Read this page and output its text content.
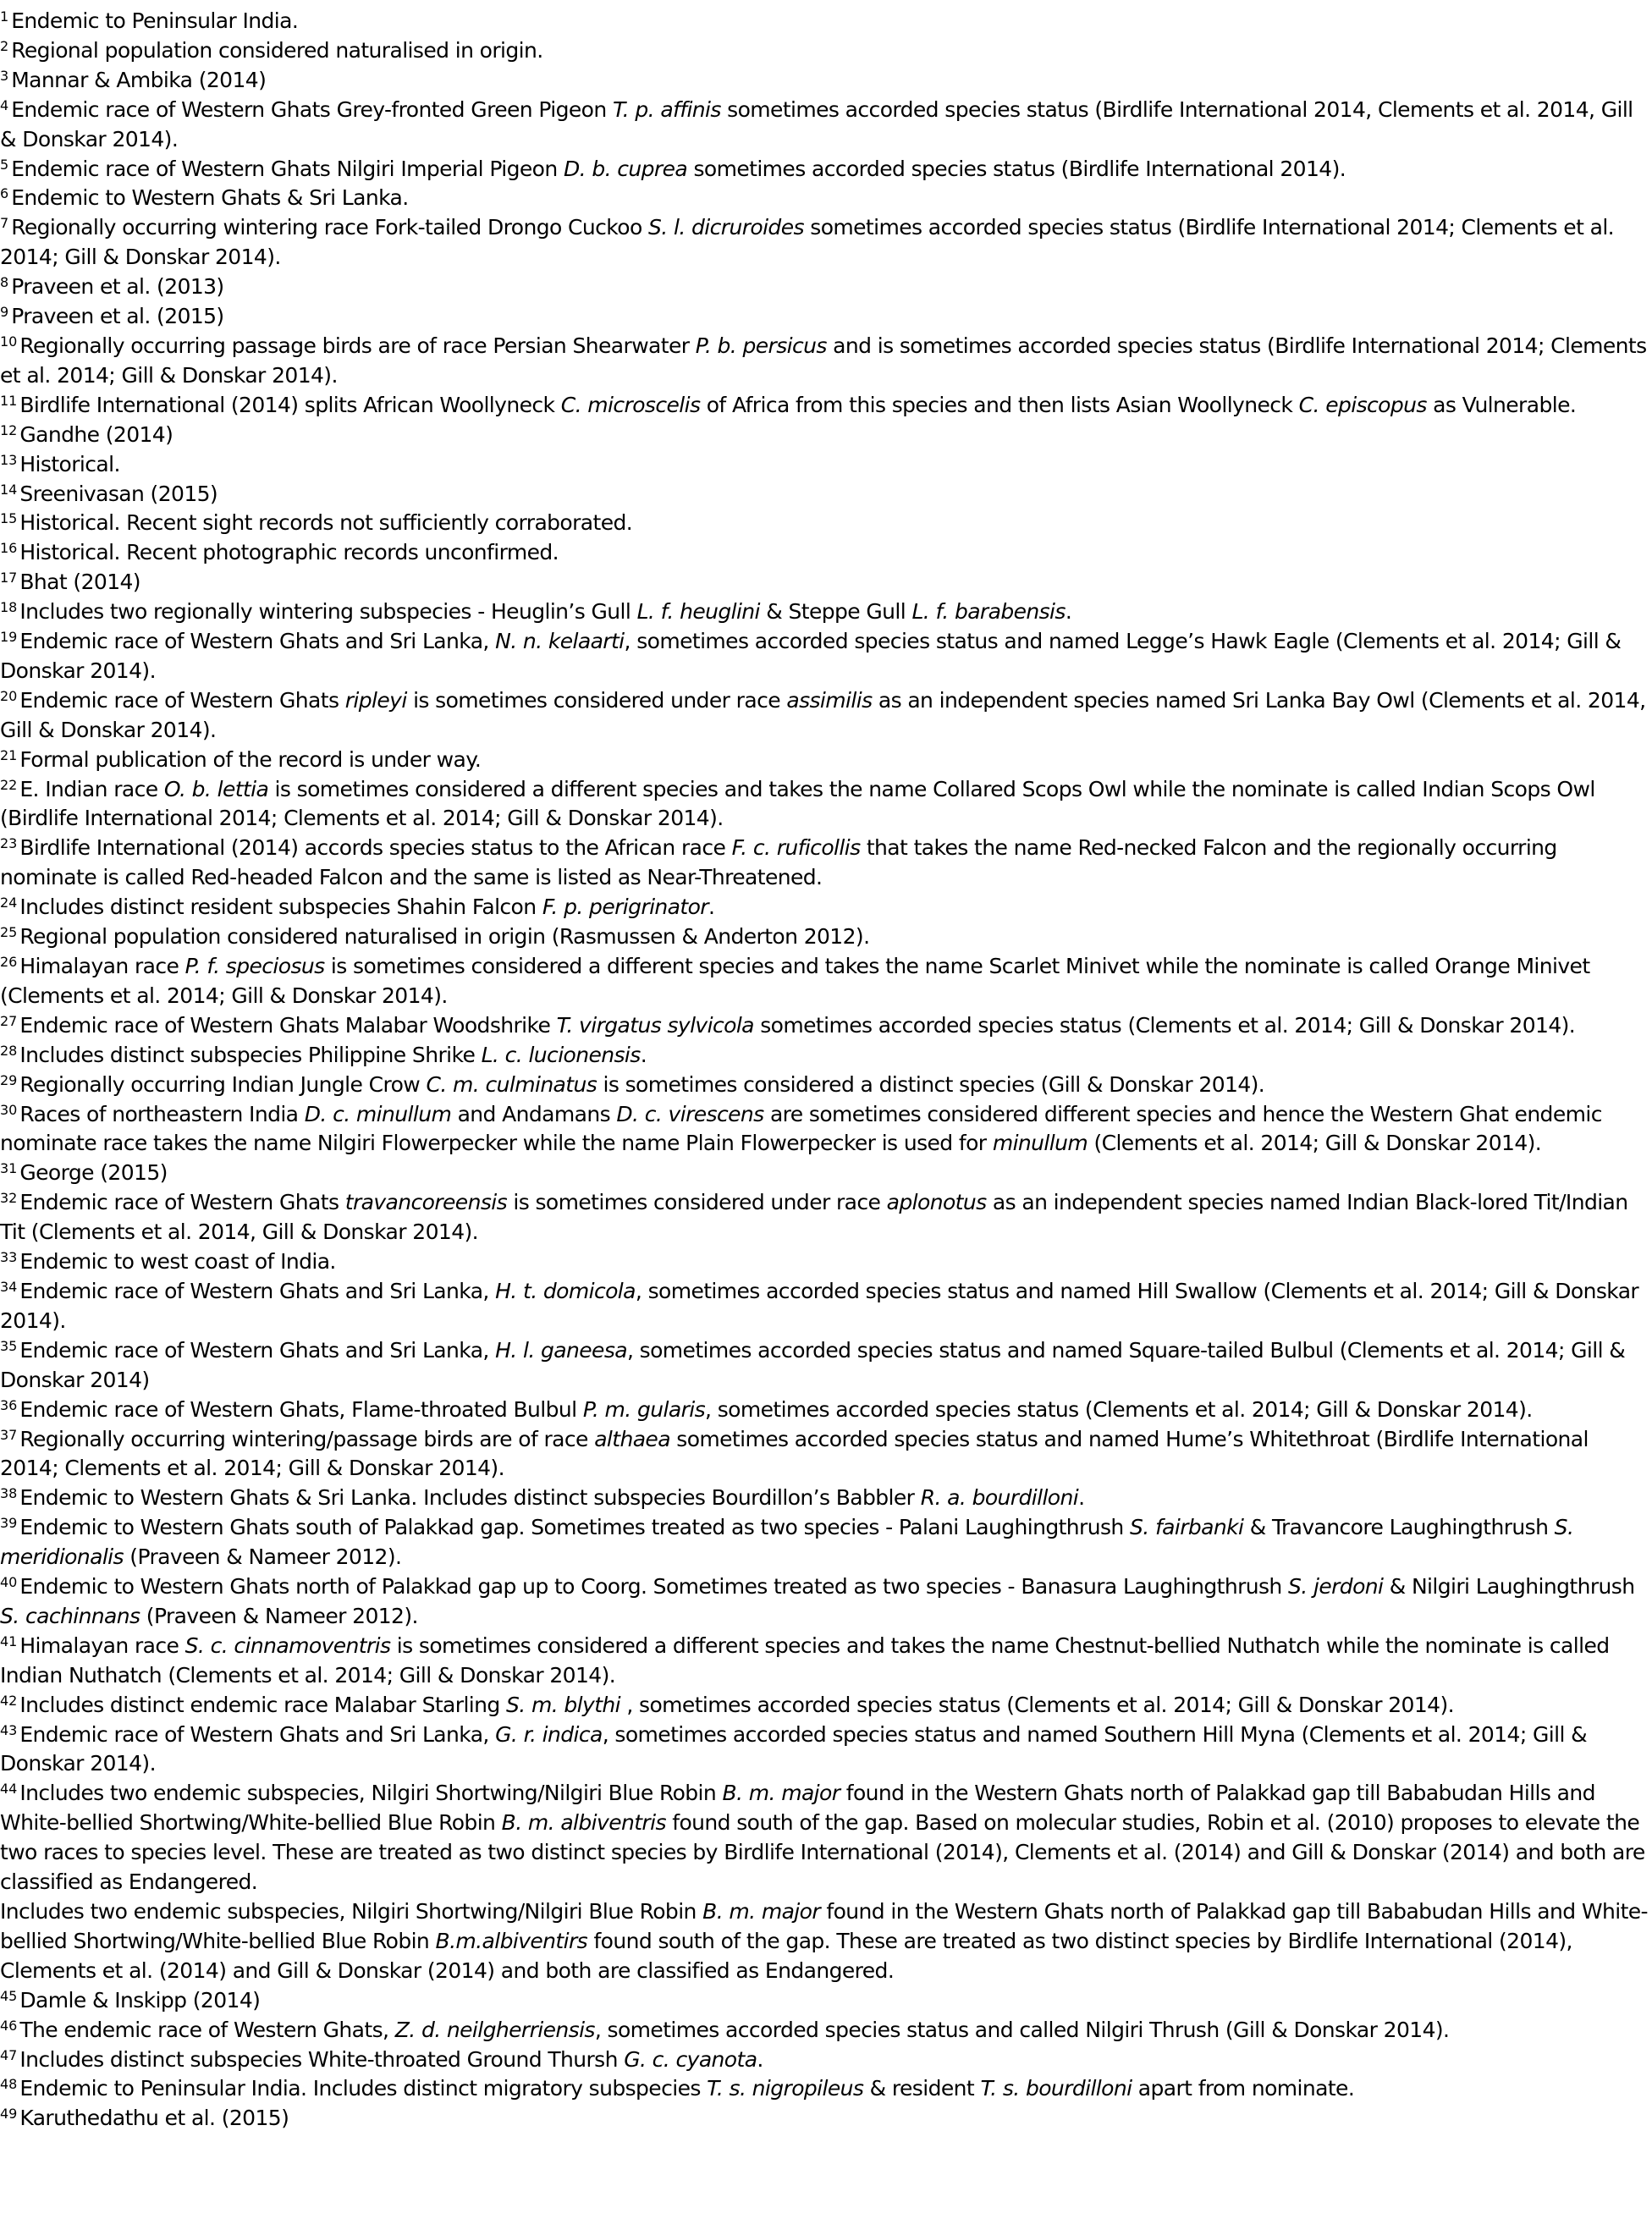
$^1$ Endemic to Peninsular India.

$^2$ Regional population considered naturalised in origin.

$^3$ Mannar & Ambika (2014)

$^4$ Endemic race of Western Ghats Grey-fronted Green Pigeon T. p. affinis sometimes accorded species status (Birdlife International 2014, Clements et al. 2014, Gill & Donskar 2014).

$^5$ Endemic race of Western Ghats Nilgiri Imperial Pigeon D. b. cuprea sometimes accorded species status (Birdlife International 2014).

$^6$ Endemic to Western Ghats & Sri Lanka.

$^7$ Regionally occurring wintering race Fork-tailed Drongo Cuckoo S. l. dicruroides sometimes accorded species status (Birdlife International 2014; Clements et al. 2014; Gill & Donskar 2014).

$^8$ Praveen et al. (2013)

$^9$ Praveen et al. (2015)

$^{10}$ Regionally occurring passage birds are of race Persian Shearwater P. b. persicus and is sometimes accorded species status (Birdlife International 2014; Clements et al. 2014; Gill & Donskar 2014).

$^{11}$ Birdlife International (2014) splits African Woollyneck C. microscelis of Africa from this species and then lists Asian Woollyneck C. episcopus as Vulnerable.

$^{12}$ Gandhe (2014)

$^{13}$ Historical.

$^{14}$ Sreenivasan (2015)

$^{15}$ Historical. Recent sight records not sufficiently corraborated.

$^{16}$ Historical. Recent photographic records unconfirmed.

$^{17}$ Bhat (2014)

$^{18}$ Includes two regionally wintering subspecies - Heuglin’s Gull L. f. heuglini & Steppe Gull L. f. barabensis.

$^{19}$ Endemic race of Western Ghats and Sri Lanka, N. n. kelaarti, sometimes accorded species status and named Legge’s Hawk Eagle (Clements et al. 2014; Gill & Donskar 2014).

$^{20}$ Endemic race of Western Ghats ripleyi is sometimes considered under race assimilis as an independent species named Sri Lanka Bay Owl (Clements et al. 2014, Gill & Donskar 2014).

$^{21}$ Formal publication of the record is under way.

$^{22}$ E. Indian race O. b. lettia is sometimes considered a different species and takes the name Collared Scops Owl while the nominate is called Indian Scops Owl (Birdlife International 2014; Clements et al. 2014; Gill & Donskar 2014).

$^{23}$ Birdlife International (2014) accords species status to the African race F. c. ruficollis that takes the name Red-necked Falcon and the regionally occurring nominate is called Red-headed Falcon and the same is listed as Near-Threatened.

$^{24}$ Includes distinct resident subspecies Shahin Falcon F. p. perigrinator.

$^{25}$ Regional population considered naturalised in origin (Rasmussen & Anderton 2012).

$^{26}$ Himalayan race P. f. speciosus is sometimes considered a different species and takes the name Scarlet Minivet while the nominate is called Orange Minivet (Clements et al. 2014; Gill & Donskar 2014).

$^{27}$ Endemic race of Western Ghats Malabar Woodshrike T. virgatus sylvicola sometimes accorded species status (Clements et al. 2014; Gill & Donskar 2014).

$^{28}$ Includes distinct subspecies Philippine Shrike L. c. lucionensis.

$^{29}$ Regionally occurring Indian Jungle Crow C. m. culminatus is sometimes considered a distinct species (Gill & Donskar 2014).

$^{30}$ Races of northeastern India D. c. minullum and Andamans D. c. virescens are sometimes considered different species and hence the Western Ghat endemic nominate race takes the name Nilgiri Flowerpecker while the name Plain Flowerpecker is used for minullum (Clements et al. 2014; Gill & Donskar 2014).

$^{31}$ George (2015)

$^{32}$ Endemic race of Western Ghats travancoreensis is sometimes considered under race aplonotus as an independent species named Indian Black-lored Tit/Indian Tit (Clements et al. 2014, Gill & Donskar 2014).

$^{33}$ Endemic to west coast of India.

$^{34}$ Endemic race of Western Ghats and Sri Lanka, H. t. domicola, sometimes accorded species status and named Hill Swallow (Clements et al. 2014; Gill & Donskar 2014).

$^{35}$ Endemic race of Western Ghats and Sri Lanka, H. l. ganeesa, sometimes accorded species status and named Square-tailed Bulbul (Clements et al. 2014; Gill & Donskar 2014)

$^{36}$ Endemic race of Western Ghats, Flame-throated Bulbul P. m. gularis, sometimes accorded species status (Clements et al. 2014; Gill & Donskar 2014).

$^{37}$ Regionally occurring wintering/passage birds are of race althaea sometimes accorded species status and named Hume’s Whitethroat (Birdlife International 2014; Clements et al. 2014; Gill & Donskar 2014).

$^{38}$ Endemic to Western Ghats & Sri Lanka. Includes distinct subspecies Bourdillon’s Babbler R. a. bourdilloni.

$^{39}$ Endemic to Western Ghats south of Palakkad gap. Sometimes treated as two species - Palani Laughingthrush S. fairbanki & Travancore Laughingthrush S. meridionalis (Praveen & Nameer 2012).

$^{40}$ Endemic to Western Ghats north of Palakkad gap up to Coorg. Sometimes treated as two species - Banasura Laughingthrush S. jerdoni & Nilgiri Laughingthrush S. cachinnans (Praveen & Nameer 2012).

$^{41}$ Himalayan race S. c. cinnamoventris is sometimes considered a different species and takes the name Chestnut-bellied Nuthatch while the nominate is called Indian Nuthatch (Clements et al. 2014; Gill & Donskar 2014).

$^{42}$ Includes distinct endemic race Malabar Starling S. m. blythi , sometimes accorded species status (Clements et al. 2014; Gill & Donskar 2014).

$^{43}$ Endemic race of Western Ghats and Sri Lanka, G. r. indica, sometimes accorded species status and named Southern Hill Myna (Clements et al. 2014; Gill & Donskar 2014).

$^{44}$ Includes two endemic subspecies, Nilgiri Shortwing/Nilgiri Blue Robin B. m. major found in the Western Ghats north of Palakkad gap till Bababudan Hills and White-bellied Shortwing/White-bellied Blue Robin B. m. albiventris found south of the gap. Based on molecular studies, Robin et al. (2010) proposes to elevate the two races to species level. These are treated as two distinct species by Birdlife International (2014), Clements et al. (2014) and Gill & Donskar (2014) and both are classified as Endangered.

Includes two endemic subspecies, Nilgiri Shortwing/Nilgiri Blue Robin B. m. major found in the Western Ghats north of Palakkad gap till Bababudan Hills and White-bellied Shortwing/White-bellied Blue Robin B.m.albiventirs found south of the gap. These are treated as two distinct species by Birdlife International (2014), Clements et al. (2014) and Gill & Donskar (2014) and both are classified as Endangered.

$^{45}$ Damle & Inskipp (2014)

$^{46}$ The endemic race of Western Ghats, Z. d. neilgherriensis, sometimes accorded species status and called Nilgiri Thrush (Gill & Donskar 2014).

$^{47}$ Includes distinct subspecies White-throated Ground Thursh G. c. cyanota.

$^{48}$ Endemic to Peninsular India. Includes distinct migratory subspecies T. s. nigropileus & resident T. s. bourdilloni apart from nominate.

$^{49}$ Karuthedathu et al. (2015)
